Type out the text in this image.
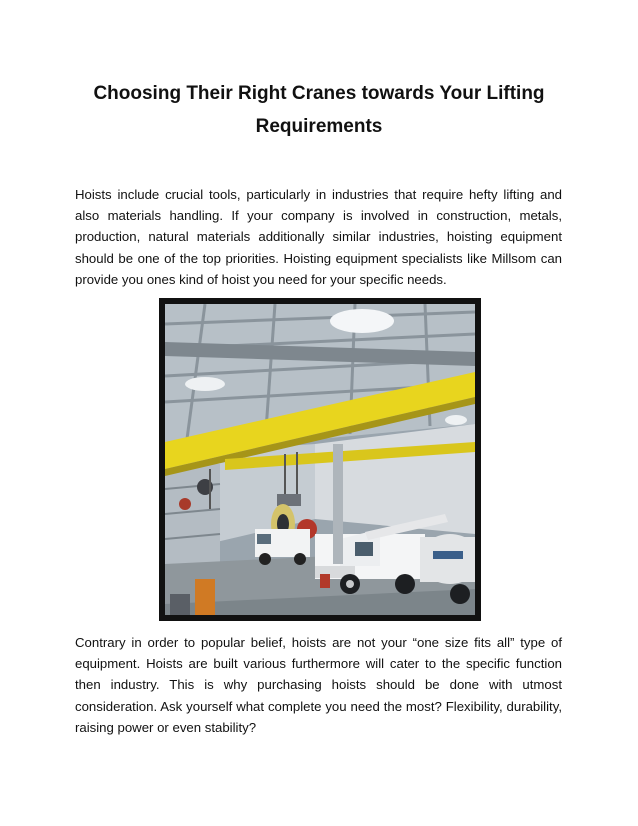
Choosing Their Right Cranes towards Your Lifting Requirements
Hoists include crucial tools, particularly in industries that require hefty lifting and also materials handling. If your company is involved in construction, metals, production, natural materials additionally similar industries, hoisting equipment should be one of the top priorities. Hoisting equipment specialists like Millsom can provide you ones kind of hoist you need for your specific needs.
Contrary in order to popular belief, hoists are not your “one size fits all” type of equipment. Hoists are built various furthermore will cater to the specific function then industry. This is why purchasing hoists should be done with utmost consideration. Ask yourself what complete you need the most? Flexibility, durability, raising power or even stability?
